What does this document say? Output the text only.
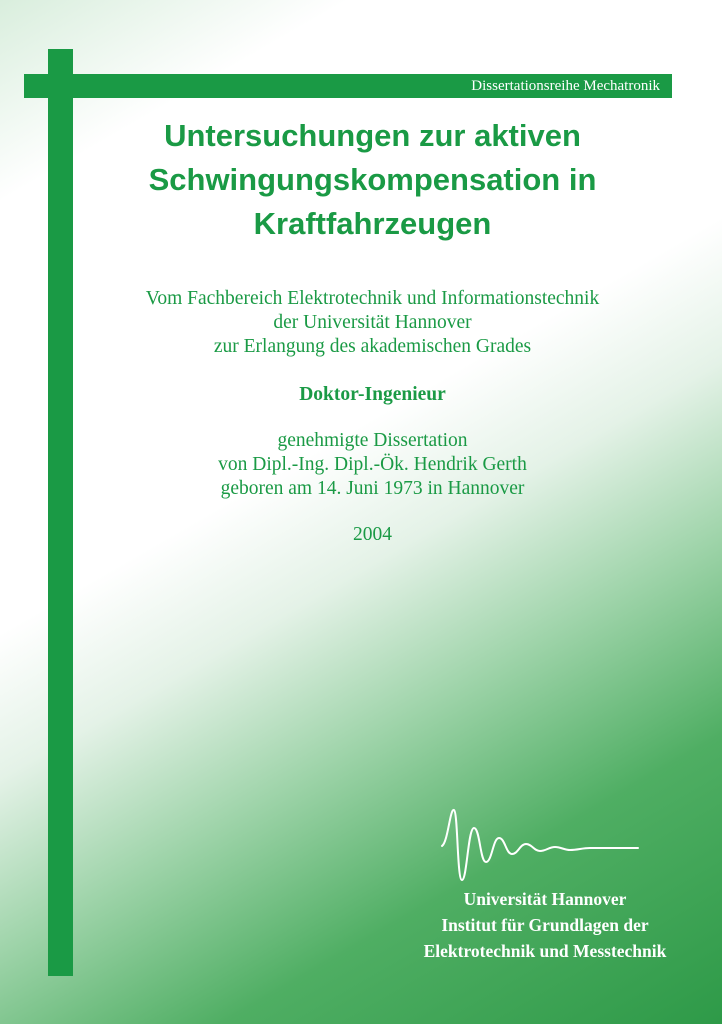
Dissertationsreihe Mechatronik
Untersuchungen zur aktiven
Schwingungskompensation in
Kraftfahrzeugen
Vom Fachbereich Elektrotechnik und Informationstechnik
der Universität Hannover
zur Erlangung des akademischen Grades
Doktor-Ingenieur
genehmigte Dissertation
von Dipl.-Ing. Dipl.-Ök. Hendrik Gerth
geboren am 14. Juni 1973 in Hannover
2004
Universität Hannover
Institut für Grundlagen der
Elektrotechnik und Messtechnik
